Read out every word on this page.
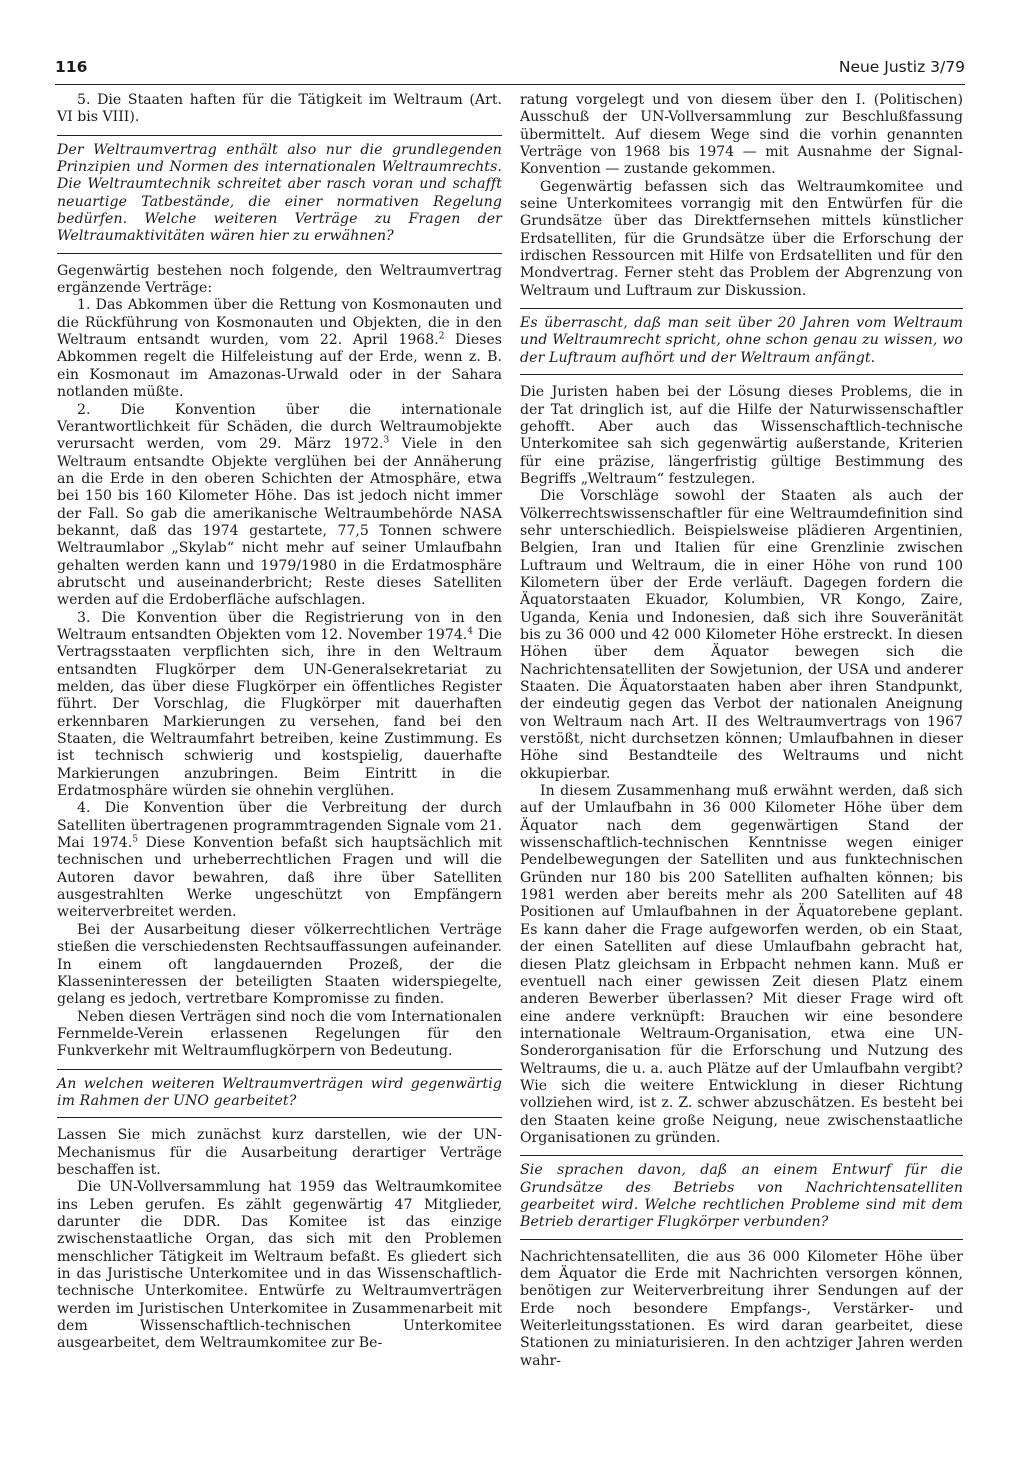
116	Neue Justiz 3/79

5. Die Staaten haften für die Tätigkeit im Weltraum (Art. VI bis VIII).

Der Weltraumvertrag enthält also nur die grundlegenden Prinzipien und Normen des internationalen Weltraumrechts. Die Weltraumtechnik schreitet aber rasch voran und schafft neuartige Tatbestände, die einer normativen Regelung bedürfen. Welche weiteren Verträge zu Fragen der Weltraumaktivitäten wären hier zu erwähnen?

Gegenwärtig bestehen noch folgende, den Weltraumvertrag ergänzende Verträge:

1. Das Abkommen über die Rettung von Kosmonauten und die Rückführung von Kosmonauten und Objekten, die in den Weltraum entsandt wurden, vom 22. April 1968.$^2$ Dieses Abkommen regelt die Hilfeleistung auf der Erde, wenn z. B. ein Kosmonaut im Amazonas-Urwald oder in der Sahara notlanden müßte.

2. Die Konvention über die internationale Verantwortlichkeit für Schäden, die durch Weltraumobjekte verursacht werden, vom 29. März 1972.$^3$ Viele in den Weltraum entsandte Objekte verglühen bei der Annäherung an die Erde in den oberen Schichten der Atmosphäre, etwa bei 150 bis 160 Kilometer Höhe. Das ist jedoch nicht immer der Fall. So gab die amerikanische Weltraumbehörde NASA bekannt, daß das 1974 gestartete, 77,5 Tonnen schwere Weltraumlabor „Skylab“ nicht mehr auf seiner Umlaufbahn gehalten werden kann und 1979/1980 in die Erdatmosphäre abrutscht und auseinanderbricht; Reste dieses Satelliten werden auf die Erdoberfläche aufschlagen.

3. Die Konvention über die Registrierung von in den Weltraum entsandten Objekten vom 12. November 1974.$^4$ Die Vertragsstaaten verpflichten sich, ihre in den Weltraum entsandten Flugkörper dem UN-Generalsekretariat zu melden, das über diese Flugkörper ein öffentliches Register führt. Der Vorschlag, die Flugkörper mit dauerhaften erkennbaren Markierungen zu versehen, fand bei den Staaten, die Weltraumfahrt betreiben, keine Zustimmung. Es ist technisch schwierig und kostspielig, dauerhafte Markierungen anzubringen. Beim Eintritt in die Erdatmosphäre würden sie ohnehin verglühen.

4. Die Konvention über die Verbreitung der durch Satelliten übertragenen programmtragenden Signale vom 21. Mai 1974.$^5$ Diese Konvention befaßt sich hauptsächlich mit technischen und urheberrechtlichen Fragen und will die Autoren davor bewahren, daß ihre über Satelliten ausgestrahlten Werke ungeschützt von Empfängern weiterverbreitet werden.

Bei der Ausarbeitung dieser völkerrechtlichen Verträge stießen die verschiedensten Rechtsauffassungen aufeinander. In einem oft langdauernden Prozeß, der die Klasseninteressen der beteiligten Staaten widerspiegelte, gelang es jedoch, vertretbare Kompromisse zu finden.

Neben diesen Verträgen sind noch die vom Internationalen Fernmelde-Verein erlassenen Regelungen für den Funkverkehr mit Weltraumflugkörpern von Bedeutung.

An welchen weiteren Weltraumverträgen wird gegenwärtig im Rahmen der UNO gearbeitet?

Lassen Sie mich zunächst kurz darstellen, wie der UN-Mechanismus für die Ausarbeitung derartiger Verträge beschaffen ist.

Die UN-Vollversammlung hat 1959 das Weltraumkomitee ins Leben gerufen. Es zählt gegenwärtig 47 Mitglieder, darunter die DDR. Das Komitee ist das einzige zwischenstaatliche Organ, das sich mit den Problemen menschlicher Tätigkeit im Weltraum befaßt. Es gliedert sich in das Juristische Unterkomitee und in das Wissenschaftlich-technische Unterkomitee. Entwürfe zu Weltraumverträgen werden im Juristischen Unterkomitee in Zusammenarbeit mit dem Wissenschaftlich-technischen Unterkomitee ausgearbeitet, dem Weltraumkomitee zur Be-

ratung vorgelegt und von diesem über den I. (Politischen) Ausschuß der UN-Vollversammlung zur Beschlußfassung übermittelt. Auf diesem Wege sind die vorhin genannten Verträge von 1968 bis 1974 — mit Ausnahme der Signal-Konvention — zustande gekommen.

Gegenwärtig befassen sich das Weltraumkomitee und seine Unterkomitees vorrangig mit den Entwürfen für die Grundsätze über das Direktfernsehen mittels künstlicher Erdsatelliten, für die Grundsätze über die Erforschung der irdischen Ressourcen mit Hilfe von Erdsatelliten und für den Mondvertrag. Ferner steht das Problem der Abgrenzung von Weltraum und Luftraum zur Diskussion.

Es überrascht, daß man seit über 20 Jahren vom Weltraum und Weltraumrecht spricht, ohne schon genau zu wissen, wo der Luftraum aufhört und der Weltraum anfängt.

Die Juristen haben bei der Lösung dieses Problems, die in der Tat dringlich ist, auf die Hilfe der Naturwissenschaftler gehofft. Aber auch das Wissenschaftlich-technische Unterkomitee sah sich gegenwärtig außerstande, Kriterien für eine präzise, längerfristig gültige Bestimmung des Begriffs „Weltraum“ festzulegen.

Die Vorschläge sowohl der Staaten als auch der Völkerrechtswissenschaftler für eine Weltraumdefinition sind sehr unterschiedlich. Beispielsweise plädieren Argentinien, Belgien, Iran und Italien für eine Grenzlinie zwischen Luftraum und Weltraum, die in einer Höhe von rund 100 Kilometern über der Erde verläuft. Dagegen fordern die Äquatorstaaten Ekuador, Kolumbien, VR Kongo, Zaire, Uganda, Kenia und Indonesien, daß sich ihre Souveränität bis zu 36 000 und 42 000 Kilometer Höhe erstreckt. In diesen Höhen über dem Äquator bewegen sich die Nachrichtensatelliten der Sowjetunion, der USA und anderer Staaten. Die Äquatorstaaten haben aber ihren Standpunkt, der eindeutig gegen das Verbot der nationalen Aneignung von Weltraum nach Art. II des Weltraumvertrags von 1967 verstößt, nicht durchsetzen können; Umlaufbahnen in dieser Höhe sind Bestandteile des Weltraums und nicht okkupierbar.

In diesem Zusammenhang muß erwähnt werden, daß sich auf der Umlaufbahn in 36 000 Kilometer Höhe über dem Äquator nach dem gegenwärtigen Stand der wissenschaftlich-technischen Kenntnisse wegen einiger Pendelbewegungen der Satelliten und aus funktechnischen Gründen nur 180 bis 200 Satelliten aufhalten können; bis 1981 werden aber bereits mehr als 200 Satelliten auf 48 Positionen auf Umlaufbahnen in der Äquatorebene geplant. Es kann daher die Frage aufgeworfen werden, ob ein Staat, der einen Satelliten auf diese Umlaufbahn gebracht hat, diesen Platz gleichsam in Erbpacht nehmen kann. Muß er eventuell nach einer gewissen Zeit diesen Platz einem anderen Bewerber überlassen? Mit dieser Frage wird oft eine andere verknüpft: Brauchen wir eine besondere internationale Weltraum-Organisation, etwa eine UN-Sonderorganisation für die Erforschung und Nutzung des Weltraums, die u. a. auch Plätze auf der Umlaufbahn vergibt? Wie sich die weitere Entwicklung in dieser Richtung vollziehen wird, ist z. Z. schwer abzuschätzen. Es besteht bei den Staaten keine große Neigung, neue zwischenstaatliche Organisationen zu gründen.

Sie sprachen davon, daß an einem Entwurf für die Grundsätze des Betriebs von Nachrichtensatelliten gearbeitet wird. Welche rechtlichen Probleme sind mit dem Betrieb derartiger Flugkörper verbunden?

Nachrichtensatelliten, die aus 36 000 Kilometer Höhe über dem Äquator die Erde mit Nachrichten versorgen können, benötigen zur Weiterverbreitung ihrer Sendungen auf der Erde noch besondere Empfangs-, Verstärker- und Weiterleitungsstationen. Es wird daran gearbeitet, diese Stationen zu miniaturisieren. In den achtziger Jahren werden wahr-
